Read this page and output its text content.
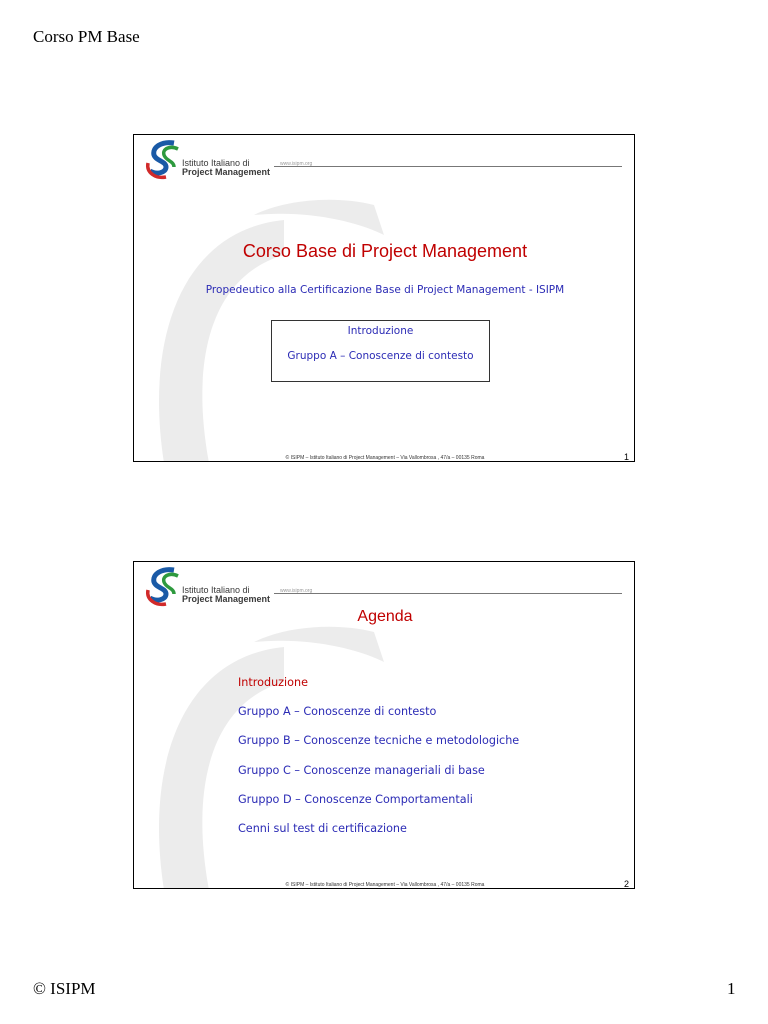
Corso PM Base
Istituto Italiano di
Project Management
www.isipm.org
Corso Base di Project Management
Propedeutico alla Certificazione Base di Project Management - ISIPM
Introduzione
Gruppo A – Conoscenze di contesto
© ISIPM – Istituto Italiano di Project Management – Via Vallombrosa , 47/a – 00135 Roma	1
Istituto Italiano di
Project Management
www.isipm.org
Agenda
Introduzione
Gruppo A – Conoscenze di contesto
Gruppo B – Conoscenze tecniche e metodologiche
Gruppo C – Conoscenze manageriali di base
Gruppo D – Conoscenze Comportamentali
Cenni sul test di certificazione
© ISIPM – Istituto Italiano di Project Management – Via Vallombrosa , 47/a – 00135 Roma	2
© ISIPM	1
